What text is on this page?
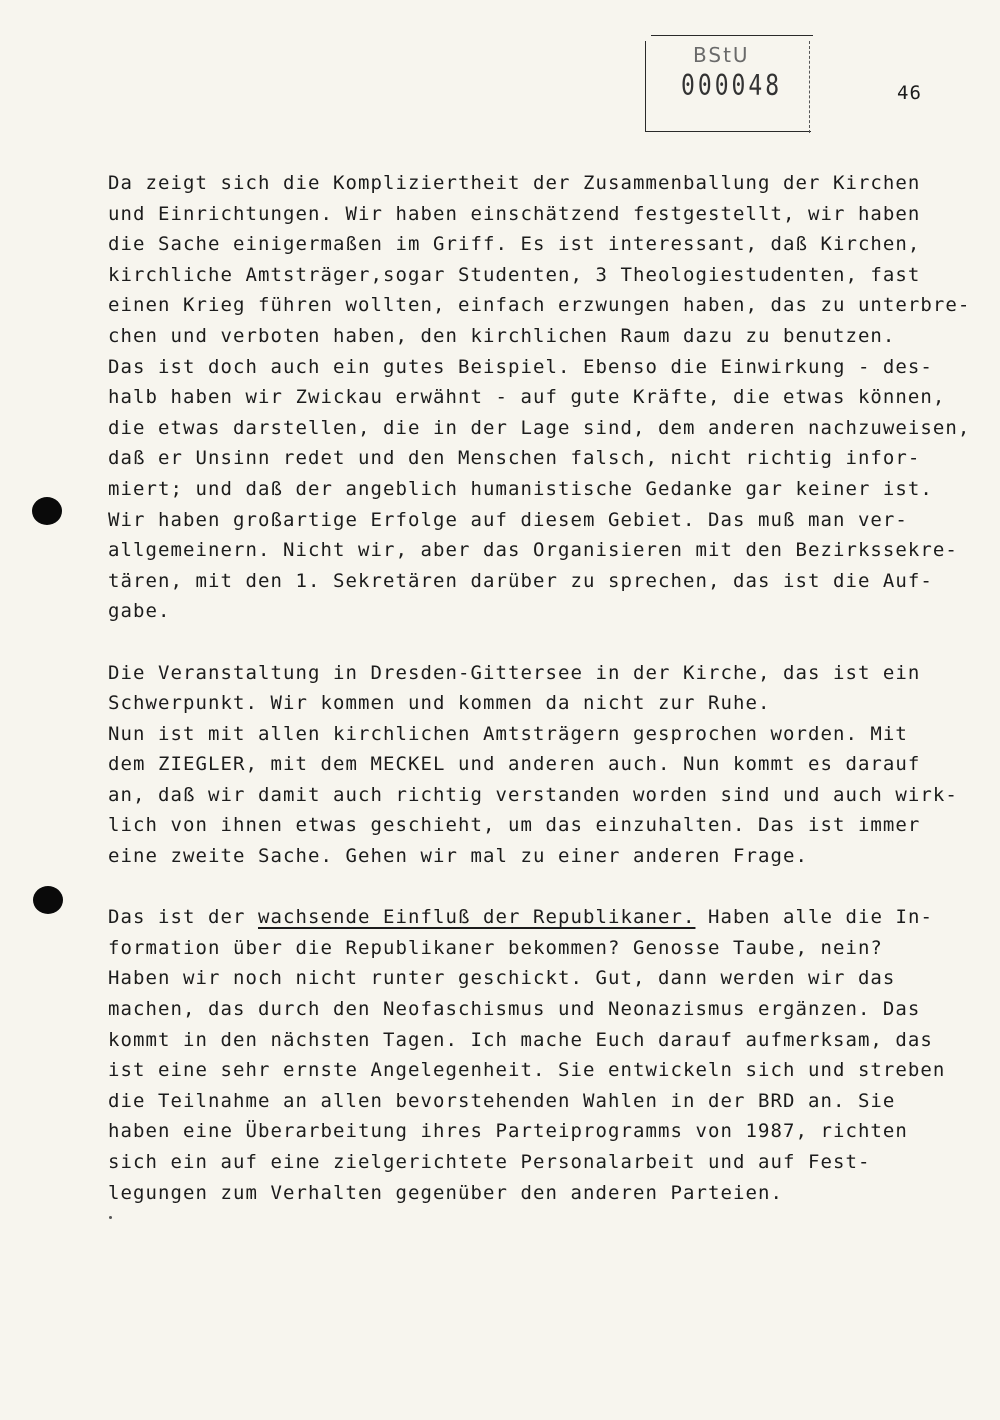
BStU
000048	46
Da zeigt sich die Kompliziertheit der Zusammenballung der Kirchen
und Einrichtungen. Wir haben einschätzend festgestellt, wir haben
die Sache einigermaßen im Griff. Es ist interessant, daß Kirchen,
kirchliche Amtsträger,sogar Studenten, 3 Theologiestudenten, fast
einen Krieg führen wollten, einfach erzwungen haben, das zu unterbre-
chen und verboten haben, den kirchlichen Raum dazu zu benutzen.
Das ist doch auch ein gutes Beispiel. Ebenso die Einwirkung - des-
halb haben wir Zwickau erwähnt - auf gute Kräfte, die etwas können,
die etwas darstellen, die in der Lage sind, dem anderen nachzuweisen,
daß er Unsinn redet und den Menschen falsch, nicht richtig infor-
miert; und daß der angeblich humanistische Gedanke gar keiner ist.
Wir haben großartige Erfolge auf diesem Gebiet. Das muß man ver-
allgemeinern. Nicht wir, aber das Organisieren mit den Bezirkssekre-
tären, mit den 1. Sekretären darüber zu sprechen, das ist die Auf-
gabe.
Die Veranstaltung in Dresden-Gittersee in der Kirche, das ist ein
Schwerpunkt. Wir kommen und kommen da nicht zur Ruhe.
Nun ist mit allen kirchlichen Amtsträgern gesprochen worden. Mit
dem ZIEGLER, mit dem MECKEL und anderen auch. Nun kommt es darauf
an, daß wir damit auch richtig verstanden worden sind und auch wirk-
lich von ihnen etwas geschieht, um das einzuhalten. Das ist immer
eine zweite Sache. Gehen wir mal zu einer anderen Frage.
Das ist der wachsende Einfluß der Republikaner. Haben alle die In-
formation über die Republikaner bekommen? Genosse Taube, nein?
Haben wir noch nicht runter geschickt. Gut, dann werden wir das
machen, das durch den Neofaschismus und Neonazismus ergänzen. Das
kommt in den nächsten Tagen. Ich mache Euch darauf aufmerksam, das
ist eine sehr ernste Angelegenheit. Sie entwickeln sich und streben
die Teilnahme an allen bevorstehenden Wahlen in der BRD an. Sie
haben eine Überarbeitung ihres Parteiprogramms von 1987, richten
sich ein auf eine zielgerichtete Personalarbeit und auf Fest-
legungen zum Verhalten gegenüber den anderen Parteien.
